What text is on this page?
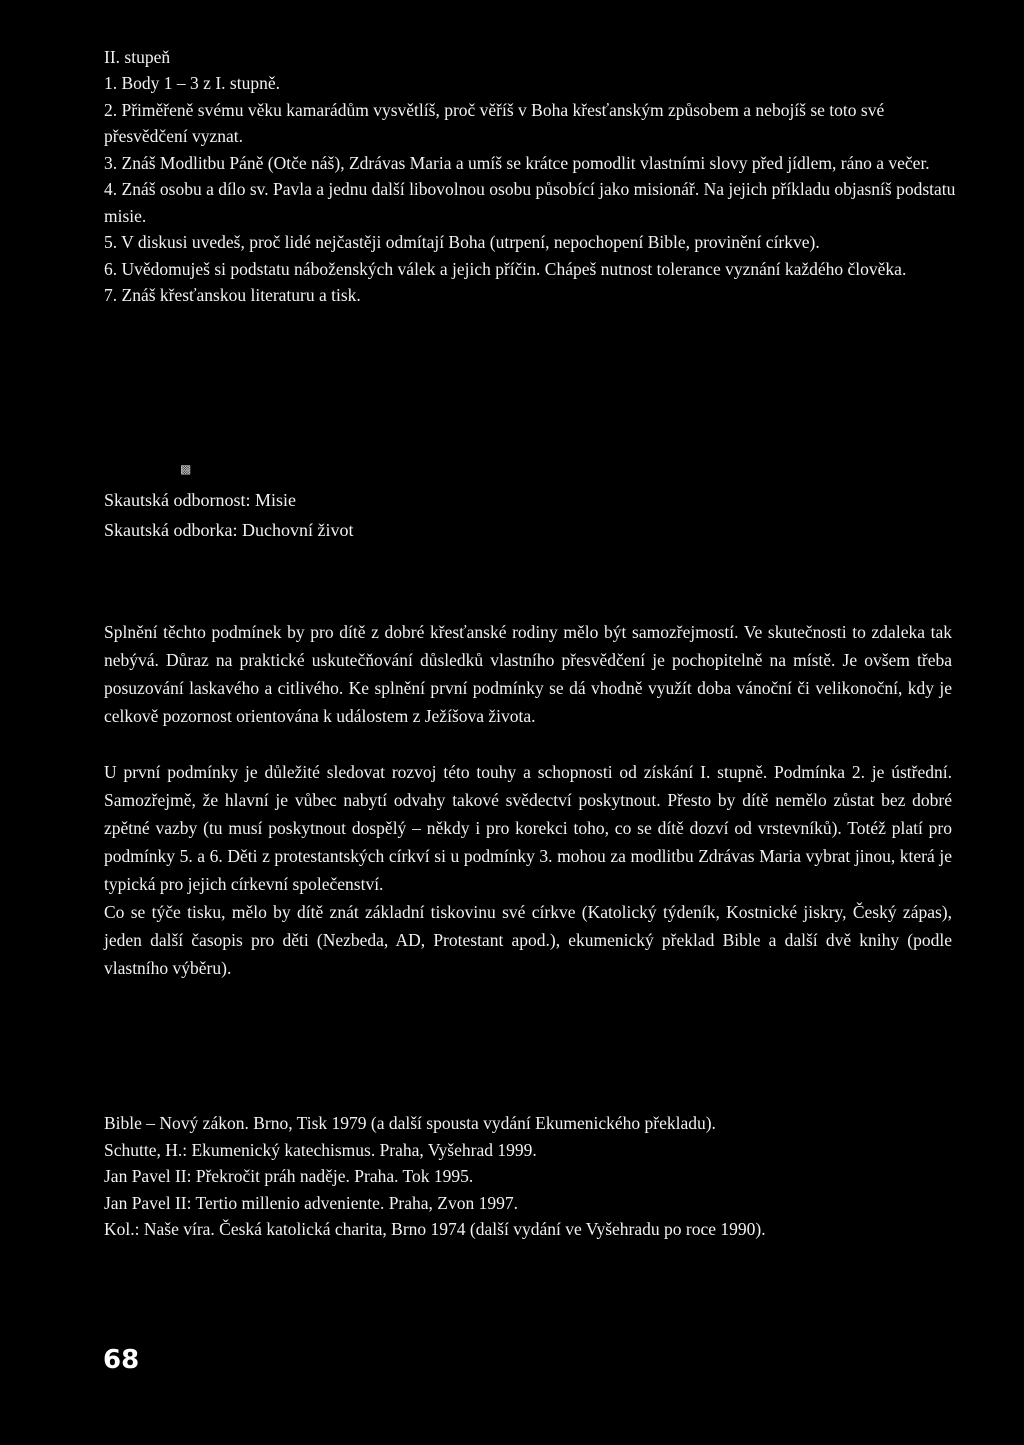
II. stupeň
1. Body 1 – 3 z I. stupně.
2. Přiměřeně svému věku kamarádům vysvětlíš, proč věříš v Boha křesťanským způsobem a nebojíš se toto své přesvědčení vyznat.
3. Znáš Modlitbu Páně (Otče náš), Zdrávas Maria a umíš se krátce pomodlit vlastními slovy před jídlem, ráno a večer.
4. Znáš osobu a dílo sv. Pavla a jednu další libovolnou osobu působící jako misionář. Na jejich příkladu objasníš podstatu misie.
5. V diskusi uvedeš, proč lidé nejčastěji odmítají Boha (utrpení, nepochopení Bible, provinění církve).
6. Uvědomuješ si podstatu náboženských válek a jejich příčin. Chápeš nutnost tolerance vyznání každého člověka.
7. Znáš křesťanskou literaturu a tisk.
▩
Skautská odbornost: Misie
Skautská odborka: Duchovní život

Splnění těchto podmínek by pro dítě z dobré křesťanské rodiny mělo být samozřejmostí. Ve skutečnosti to zdaleka tak nebývá. Důraz na praktické uskutečňování důsledků vlastního přesvědčení je pochopitelně na místě. Je ovšem třeba posuzování laskavého a citlivého. Ke splnění první podmínky se dá vhodně využít doba vánoční či velikonoční, kdy je celkově pozornost orientována k událostem z Ježíšova života.

U první podmínky je důležité sledovat rozvoj této touhy a schopnosti od získání I. stupně. Podmínka 2. je ústřední. Samozřejmě, že hlavní je vůbec nabytí odvahy takové svědectví poskytnout. Přesto by dítě nemělo zůstat bez dobré zpětné vazby (tu musí poskytnout dospělý – někdy i pro korekci toho, co se dítě dozví od vrstevníků). Totéž platí pro podmínky 5. a 6. Děti z protestantských církví si u podmínky 3. mohou za modlitbu Zdrávas Maria vybrat jinou, která je typická pro jejich církevní společenství.

Co se týče tisku, mělo by dítě znát základní tiskovinu své církve (Katolický týdeník, Kostnické jiskry, Český zápas), jeden další časopis pro děti (Nezbeda, AD, Protestant apod.), ekumenický překlad Bible a další dvě knihy (podle vlastního výběru).

Bible – Nový zákon. Brno, Tisk 1979 (a další spousta vydání Ekumenického překladu).
Schutte, H.: Ekumenický katechismus. Praha, Vyšehrad 1999.
Jan Pavel II: Překročit práh naděje. Praha. Tok 1995.
Jan Pavel II: Tertio millenio adveniente. Praha, Zvon 1997.
Kol.: Naše víra. Česká katolická charita, Brno 1974 (další vydání ve Vyšehradu po roce 1990).
68
